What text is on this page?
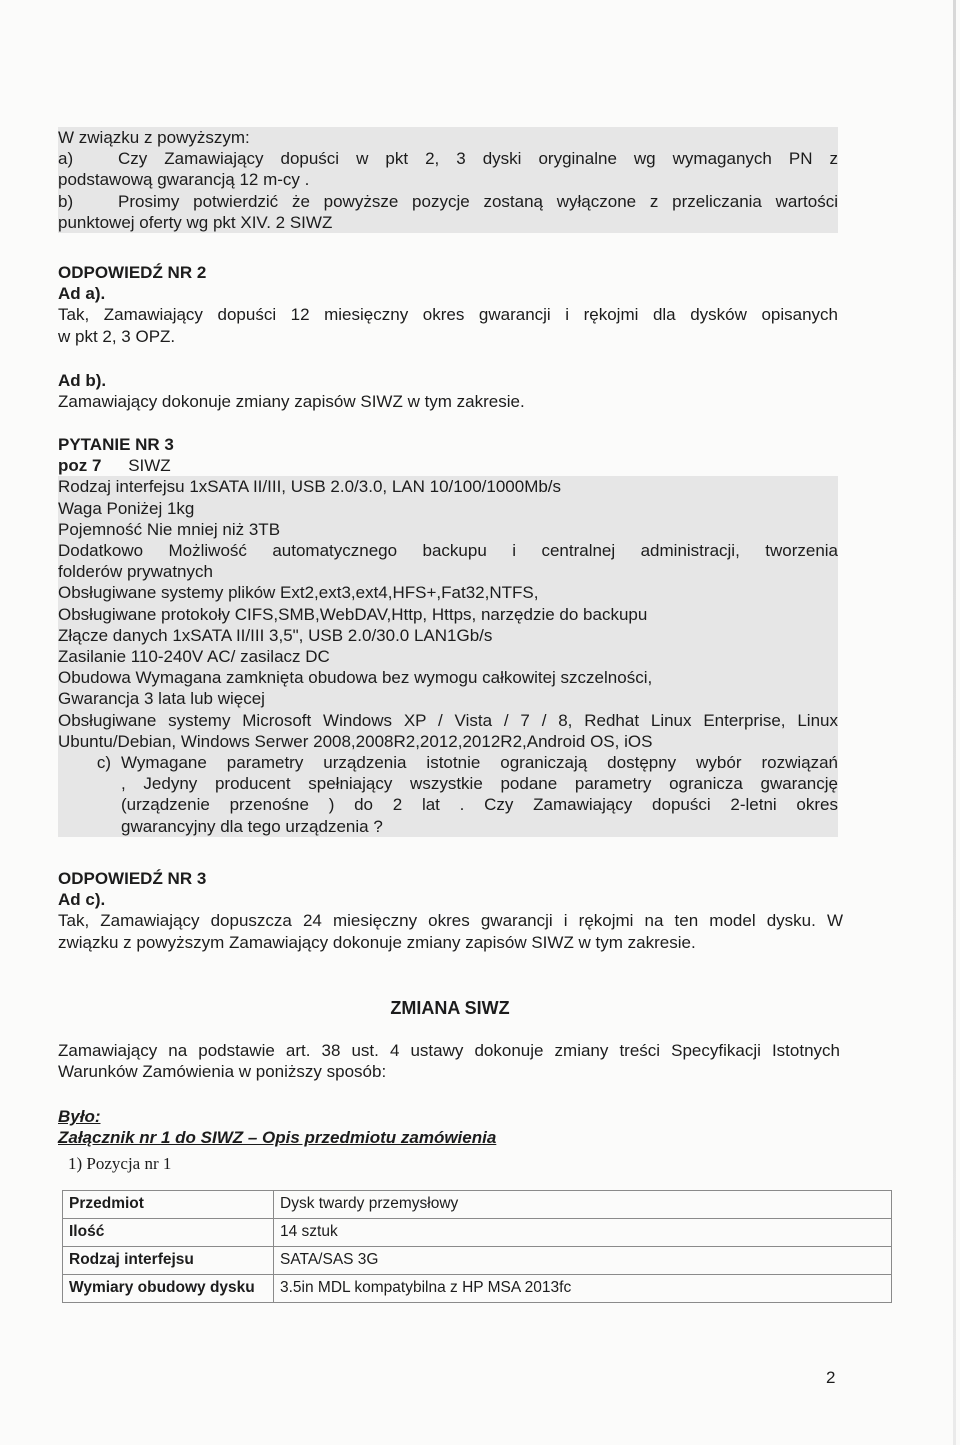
W związku z powyższym:
a)	Czy Zamawiający dopuści w pkt 2, 3 dyski oryginalne wg wymaganych PN z
podstawową gwarancją 12 m-cy .
b)	Prosimy potwierdzić że powyższe pozycje zostaną wyłączone z przeliczania wartości
punktowej oferty wg pkt XIV. 2 SIWZ
ODPOWIEDŹ NR 2
Ad a).
Tak, Zamawiający dopuści 12 miesięczny okres gwarancji i rękojmi dla dysków opisanych
w pkt 2, 3 OPZ.
Ad b).
Zamawiający dokonuje zmiany zapisów SIWZ w tym zakresie.
PYTANIE NR 3
poz 7 SIWZ
Rodzaj interfejsu 1xSATA II/III, USB 2.0/3.0, LAN 10/100/1000Mb/s
Waga Poniżej 1kg
Pojemność Nie mniej niż 3TB
Dodatkowo Możliwość automatycznego backupu i centralnej administracji, tworzenia
folderów prywatnych
Obsługiwane systemy plików Ext2,ext3,ext4,HFS+,Fat32,NTFS,
Obsługiwane protokoły CIFS,SMB,WebDAV,Http, Https, narzędzie do backupu
Złącze danych 1xSATA II/III 3,5", USB 2.0/30.0 LAN1Gb/s
Zasilanie 110-240V AC/ zasilacz DC
Obudowa Wymagana zamknięta obudowa bez wymogu całkowitej szczelności,
Gwarancja 3 lata lub więcej
Obsługiwane systemy Microsoft Windows XP / Vista / 7 / 8, Redhat Linux Enterprise, Linux
Ubuntu/Debian, Windows Serwer 2008,2008R2,2012,2012R2,Android OS, iOS
c) Wymagane parametry urządzenia istotnie ograniczają dostępny wybór rozwiązań
, Jedyny producent spełniający wszystkie podane parametry ogranicza gwarancję
(urządzenie przenośne ) do 2 lat . Czy Zamawiający dopuści 2-letni okres
gwarancyjny dla tego urządzenia ?
ODPOWIEDŹ NR 3
Ad c).
Tak, Zamawiający dopuszcza 24 miesięczny okres gwarancji i rękojmi na ten model dysku. W
związku z powyższym Zamawiający dokonuje zmiany zapisów SIWZ w tym zakresie.
ZMIANA SIWZ
Zamawiający na podstawie art. 38 ust. 4 ustawy dokonuje zmiany treści Specyfikacji Istotnych
Warunków Zamówienia w poniższy sposób:
Było:
Załącznik nr 1 do SIWZ – Opis przedmiotu zamówienia
1) Pozycja nr 1
Przedmiot	Dysk twardy przemysłowy
Ilość	14 sztuk
Rodzaj interfejsu	SATA/SAS 3G
Wymiary obudowy dysku	3.5in MDL kompatybilna z HP MSA 2013fc
2
